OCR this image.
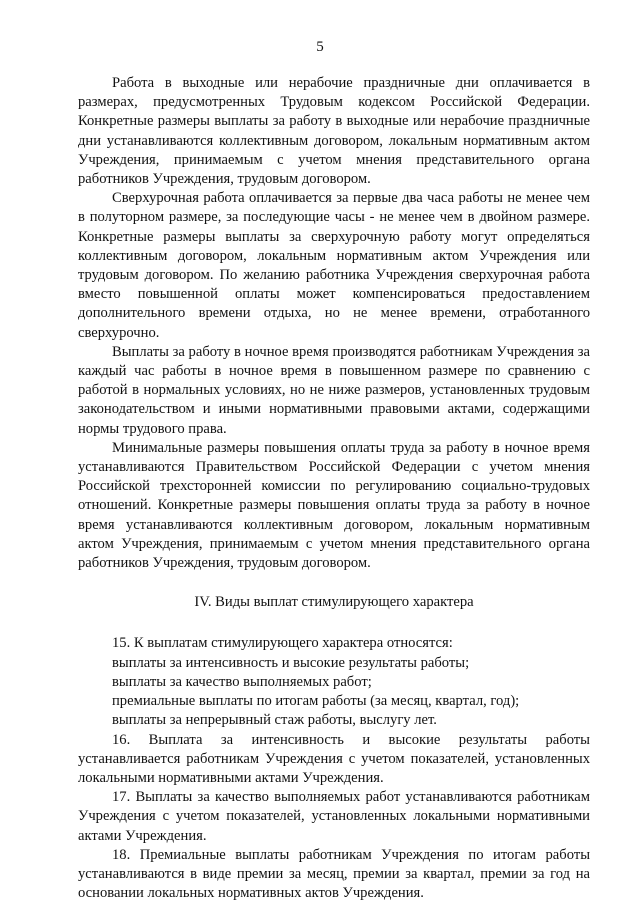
5

Работа в выходные или нерабочие праздничные дни оплачивается в размерах, предусмотренных Трудовым кодексом Российской Федерации. Конкретные размеры выплаты за работу в выходные или нерабочие праздничные дни устанавливаются коллективным договором, локальным нормативным актом Учреждения, принимаемым с учетом мнения представительного органа работников Учреждения, трудовым договором.

Сверхурочная работа оплачивается за первые два часа работы не менее чем в полуторном размере, за последующие часы - не менее чем в двойном размере. Конкретные размеры выплаты за сверхурочную работу могут определяться коллективным договором, локальным нормативным актом Учреждения или трудовым договором. По желанию работника Учреждения сверхурочная работа вместо повышенной оплаты может компенсироваться предоставлением дополнительного времени отдыха, но не менее времени, отработанного сверхурочно.

Выплаты за работу в ночное время производятся работникам Учреждения за каждый час работы в ночное время в повышенном размере по сравнению с работой в нормальных условиях, но не ниже размеров, установленных трудовым законодательством и иными нормативными правовыми актами, содержащими нормы трудового права.

Минимальные размеры повышения оплаты труда за работу в ночное время устанавливаются Правительством Российской Федерации с учетом мнения Российской трехсторонней комиссии по регулированию социально-трудовых отношений. Конкретные размеры повышения оплаты труда за работу в ночное время устанавливаются коллективным договором, локальным нормативным актом Учреждения, принимаемым с учетом мнения представительного органа работников Учреждения, трудовым договором.

IV. Виды выплат стимулирующего характера

15. К выплатам стимулирующего характера относятся:

выплаты за интенсивность и высокие результаты работы;

выплаты за качество выполняемых работ;

премиальные выплаты по итогам работы (за месяц, квартал, год);

выплаты за непрерывный стаж работы, выслугу лет.

16. Выплата за интенсивность и высокие результаты работы устанавливается работникам Учреждения с учетом показателей, установленных локальными нормативными актами Учреждения.

17. Выплаты за качество выполняемых работ устанавливаются работникам Учреждения с учетом показателей, установленных локальными нормативными актами Учреждения.

18. Премиальные выплаты работникам Учреждения по итогам работы устанавливаются в виде премии за месяц, премии за квартал, премии за год на основании локальных нормативных актов Учреждения.
